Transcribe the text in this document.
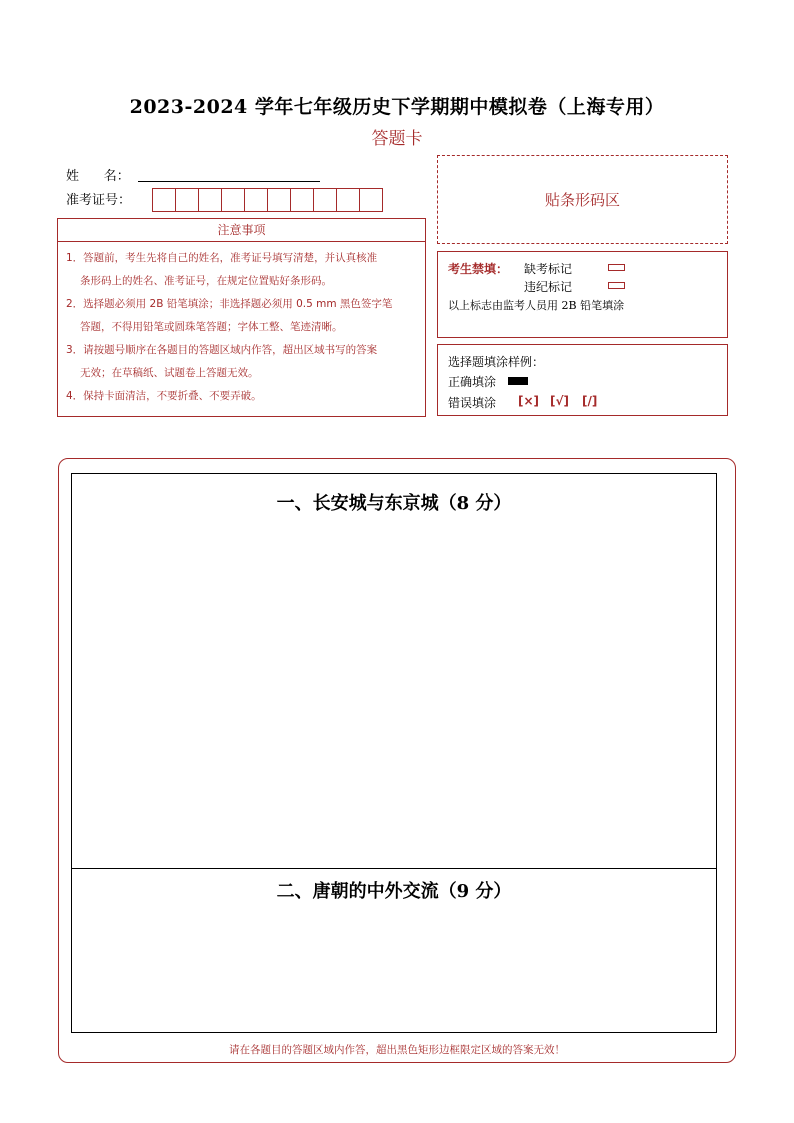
2023-2024 学年七年级历史下学期期中模拟卷（上海专用）
答题卡
姓      名：
准考证号：	贴条形码区
注意事项

1．答题前，考生先将自己的姓名，准考证号填写清楚，并认真核准

条形码上的姓名、准考证号，在规定位置贴好条形码。

2．选择题必须用 2B 铅笔填涂；非选择题必须用 0.5 mm 黑色签字笔

答题，不得用铅笔或圆珠笔答题；字体工整、笔迹清晰。

3．请按题号顺序在各题目的答题区域内作答，超出区域书写的答案

无效；在草稿纸、试题卷上答题无效。

4．保持卡面清洁，不要折叠、不要弄破。

考生禁填： 缺考标记
违纪标记
以上标志由监考人员用 2B 铅笔填涂
选择题填涂样例：
正确填涂
错误填涂 [×] [√] [/]
一、长安城与东京城（8 分）
二、唐朝的中外交流（9 分）
请在各题目的答题区域内作答，超出黑色矩形边框限定区域的答案无效！
